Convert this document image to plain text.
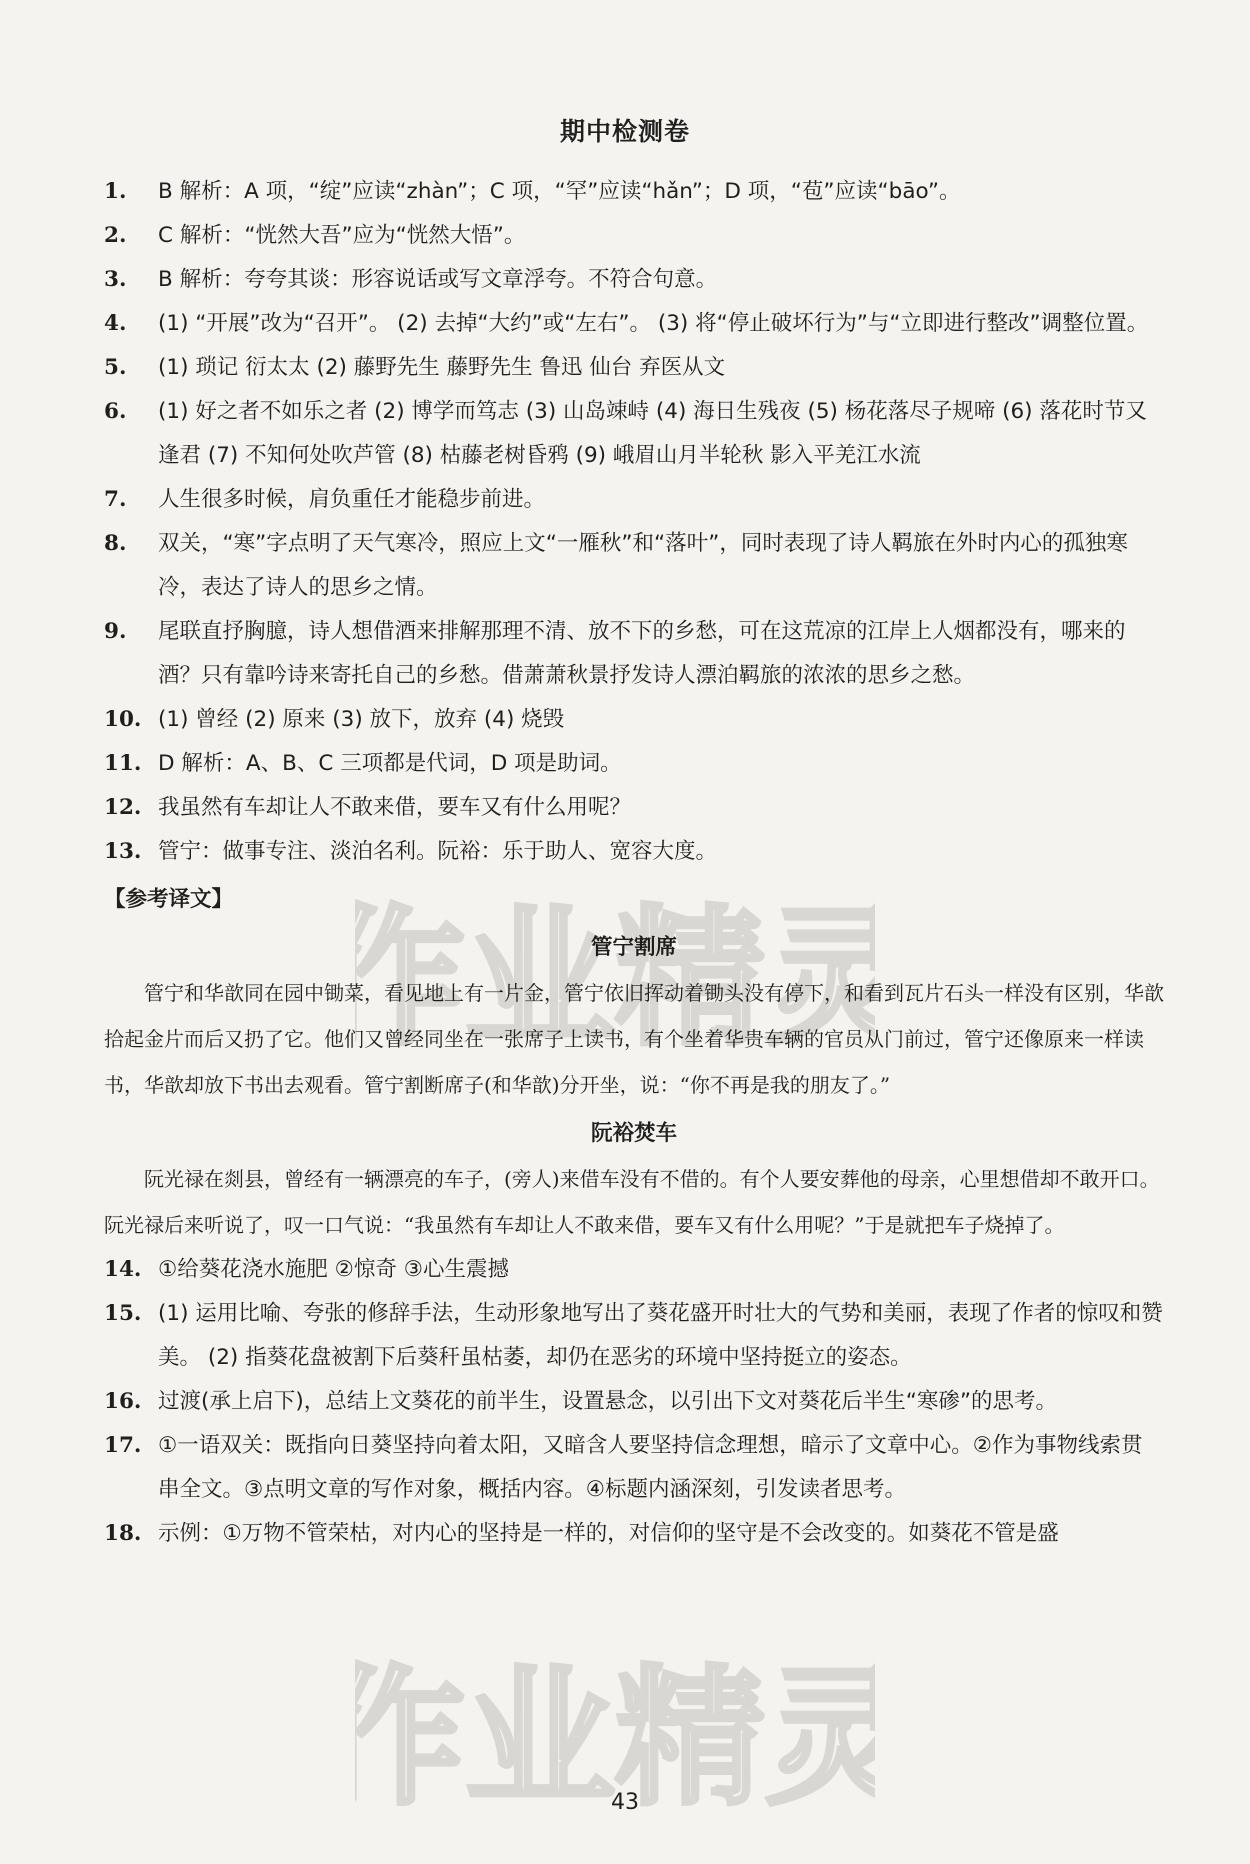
期中检测卷
1. B 解析：A 项，“绽”应读“zhàn”；C 项，“罕”应读“hǎn”；D 项，“苞”应读“bāo”。
2. C 解析：“恍然大吾”应为“恍然大悟”。
3. B 解析：夸夸其谈：形容说话或写文章浮夸。不符合句意。
4. (1) “开展”改为“召开”。 (2) 去掉“大约”或“左右”。 (3) 将“停止破坏行为”与“立即进行整改”调整位置。
5. (1) 琐记 衍太太 (2) 藤野先生 藤野先生 鲁迅 仙台 弃医从文
6. (1) 好之者不如乐之者 (2) 博学而笃志 (3) 山岛竦峙 (4) 海日生残夜 (5) 杨花落尽子规啼 (6) 落花时节又逢君 (7) 不知何处吹芦管 (8) 枯藤老树昏鸦 (9) 峨眉山月半轮秋 影入平羌江水流
7. 人生很多时候，肩负重任才能稳步前进。
8. 双关，“寒”字点明了天气寒冷，照应上文“一雁秋”和“落叶”，同时表现了诗人羁旅在外时内心的孤独寒冷，表达了诗人的思乡之情。
9. 尾联直抒胸臆，诗人想借酒来排解那理不清、放不下的乡愁，可在这荒凉的江岸上人烟都没有，哪来的酒？只有靠吟诗来寄托自己的乡愁。借萧萧秋景抒发诗人漂泊羁旅的浓浓的思乡之愁。
10. (1) 曾经 (2) 原来 (3) 放下，放弃 (4) 烧毁
11. D 解析：A、B、C 三项都是代词，D 项是助词。
12. 我虽然有车却让人不敢来借，要车又有什么用呢？
13. 管宁：做事专注、淡泊名利。阮裕：乐于助人、宽容大度。
【参考译文】
管宁割席

管宁和华歆同在园中锄菜，看见地上有一片金，管宁依旧挥动着锄头没有停下，和看到瓦片石头一样没有区别，华歆拾起金片而后又扔了它。他们又曾经同坐在一张席子上读书，有个坐着华贵车辆的官员从门前过，管宁还像原来一样读书，华歆却放下书出去观看。管宁割断席子(和华歆)分开坐，说：“你不再是我的朋友了。”

阮裕焚车

阮光禄在剡县，曾经有一辆漂亮的车子，(旁人)来借车没有不借的。有个人要安葬他的母亲，心里想借却不敢开口。阮光禄后来听说了，叹一口气说：“我虽然有车却让人不敢来借，要车又有什么用呢？”于是就把车子烧掉了。

14. ①给葵花浇水施肥 ②惊奇 ③心生震撼
15. (1) 运用比喻、夸张的修辞手法，生动形象地写出了葵花盛开时壮大的气势和美丽，表现了作者的惊叹和赞美。 (2) 指葵花盘被割下后葵秆虽枯萎，却仍在恶劣的环境中坚持挺立的姿态。
16. 过渡(承上启下)，总结上文葵花的前半生，设置悬念，以引出下文对葵花后半生“寒碜”的思考。
17. ①一语双关：既指向日葵坚持向着太阳，又暗含人要坚持信念理想，暗示了文章中心。②作为事物线索贯串全文。③点明文章的写作对象，概括内容。④标题内涵深刻，引发读者思考。
18. 示例：①万物不管荣枯，对内心的坚持是一样的，对信仰的坚守是不会改变的。如葵花不管是盛
作业精灵
作业精灵
43
